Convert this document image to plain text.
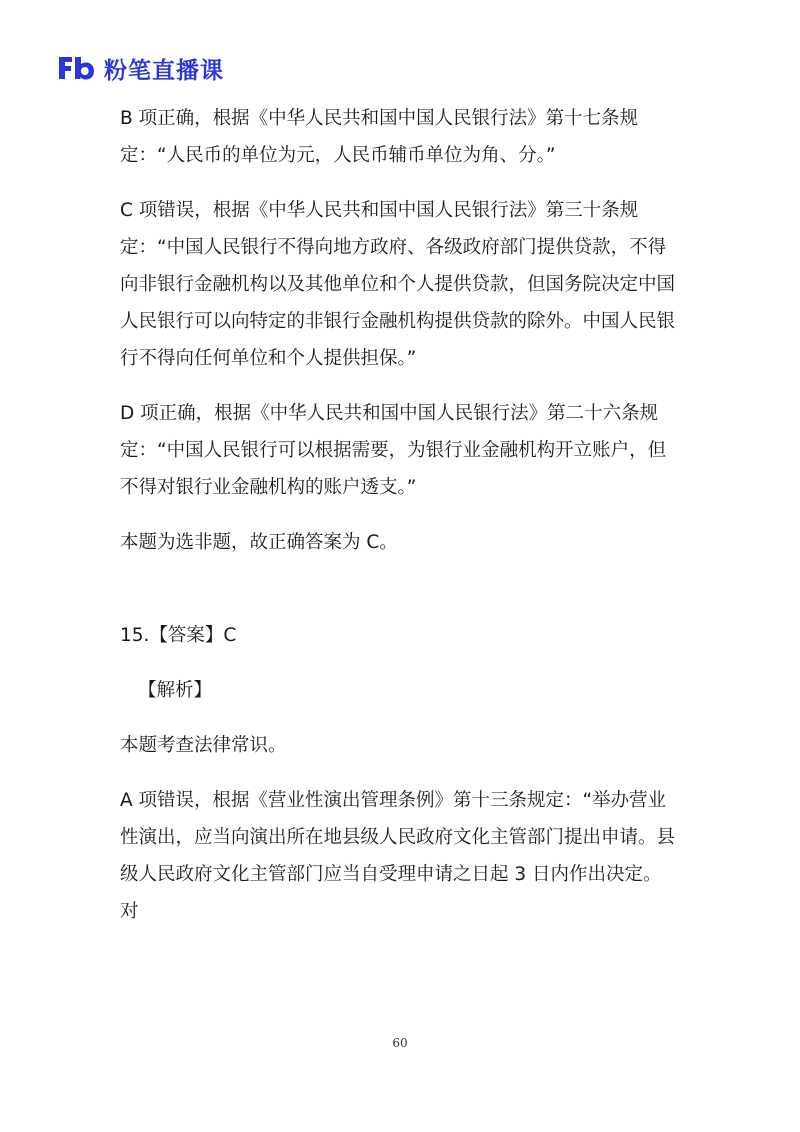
粉笔直播课

B 项正确，根据《中华人民共和国中国人民银行法》第十七条规定：“人民币的单位为元，人民币辅币单位为角、分。”

C 项错误，根据《中华人民共和国中国人民银行法》第三十条规定：“中国人民银行不得向地方政府、各级政府部门提供贷款，不得向非银行金融机构以及其他单位和个人提供贷款，但国务院决定中国人民银行可以向特定的非银行金融机构提供贷款的除外。中国人民银行不得向任何单位和个人提供担保。”

D 项正确，根据《中华人民共和国中国人民银行法》第二十六条规定：“中国人民银行可以根据需要，为银行业金融机构开立账户，但不得对银行业金融机构的账户透支。”

本题为选非题，故正确答案为 C。

15.【答案】C

【解析】

本题考查法律常识。

A 项错误，根据《营业性演出管理条例》第十三条规定：“举办营业性演出，应当向演出所在地县级人民政府文化主管部门提出申请。县级人民政府文化主管部门应当自受理申请之日起 3 日内作出决定。对

60
